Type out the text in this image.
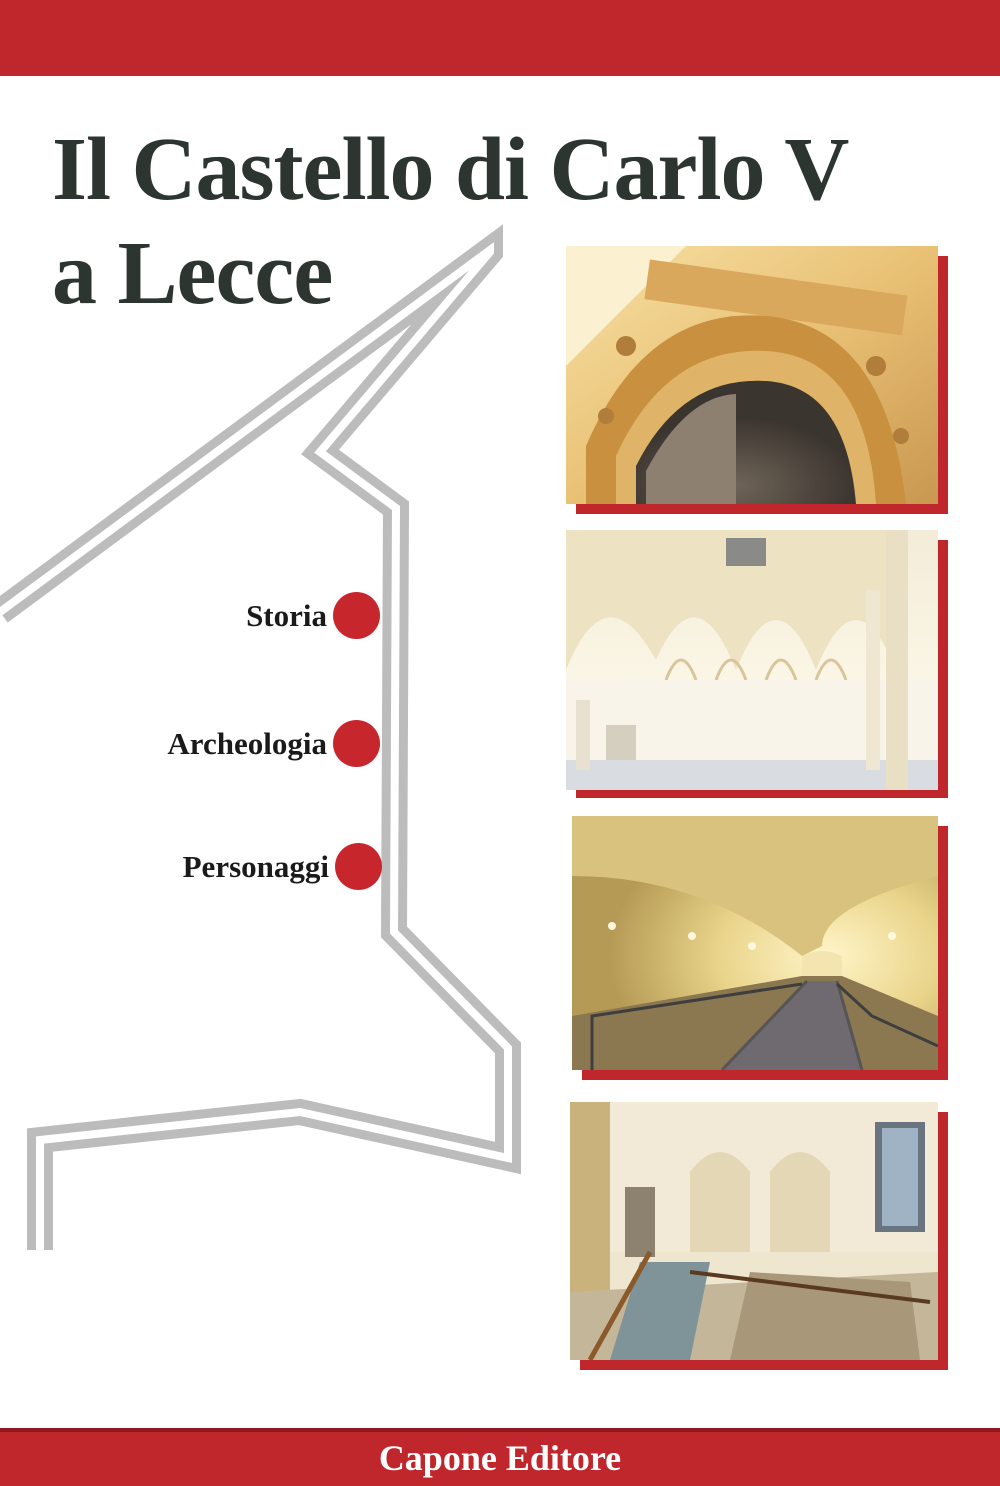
Il Castello di Carlo V
a Lecce
Storia
Archeologia
Personaggi
Capone Editore
